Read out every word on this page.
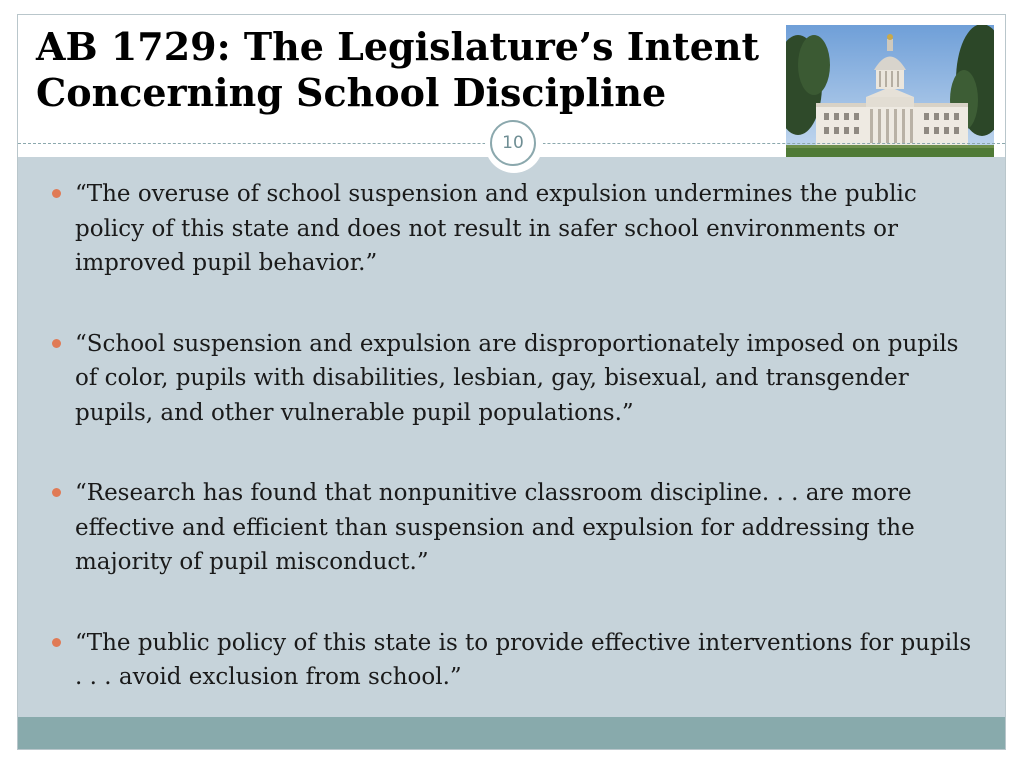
AB 1729: The Legislature’s Intent
Concerning School Discipline
10
“The overuse of school suspension and expulsion undermines the public policy of this state and does not result in safer school environments or improved pupil behavior.”
“School suspension and expulsion are disproportionately imposed on pupils of color, pupils with disabilities, lesbian, gay, bisexual, and transgender pupils, and other vulnerable pupil populations.”
“Research has found that nonpunitive classroom discipline. . . are more effective and efficient than suspension and expulsion for addressing the majority of pupil misconduct.”
“The public policy of this state is to provide effective interventions for pupils . . . avoid exclusion from school.”
